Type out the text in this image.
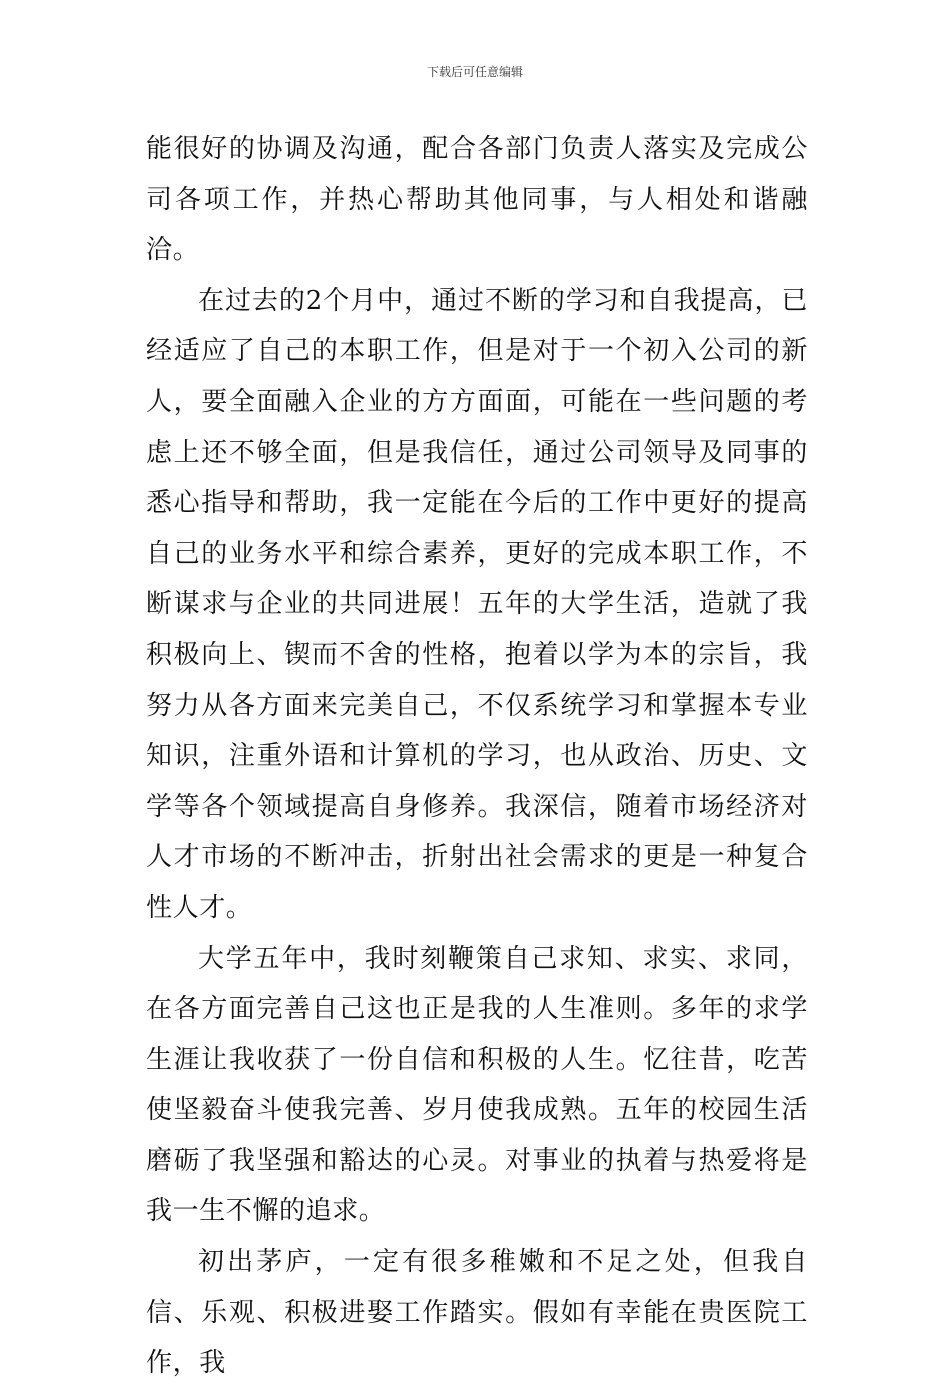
下载后可任意编辑

能很好的协调及沟通，配合各部门负责人落实及完成公司各项工作，并热心帮助其他同事，与人相处和谐融洽。

在过去的2个月中，通过不断的学习和自我提高，已经适应了自己的本职工作，但是对于一个初入公司的新人，要全面融入企业的方方面面，可能在一些问题的考虑上还不够全面，但是我信任，通过公司领导及同事的悉心指导和帮助，我一定能在今后的工作中更好的提高自己的业务水平和综合素养，更好的完成本职工作，不断谋求与企业的共同进展！五年的大学生活，造就了我积极向上、锲而不舍的性格，抱着以学为本的宗旨，我努力从各方面来完美自己，不仅系统学习和掌握本专业知识，注重外语和计算机的学习，也从政治、历史、文学等各个领域提高自身修养。我深信，随着市场经济对人才市场的不断冲击，折射出社会需求的更是一种复合性人才。

大学五年中，我时刻鞭策自己求知、求实、求同，在各方面完善自己这也正是我的人生准则。多年的求学生涯让我收获了一份自信和积极的人生。忆往昔，吃苦使坚毅奋斗使我完善、岁月使我成熟。五年的校园生活磨砺了我坚强和豁达的心灵。对事业的执着与热爱将是我一生不懈的追求。

初出茅庐，一定有很多稚嫩和不足之处，但我自信、乐观、积极进娶工作踏实。假如有幸能在贵医院工作，我
